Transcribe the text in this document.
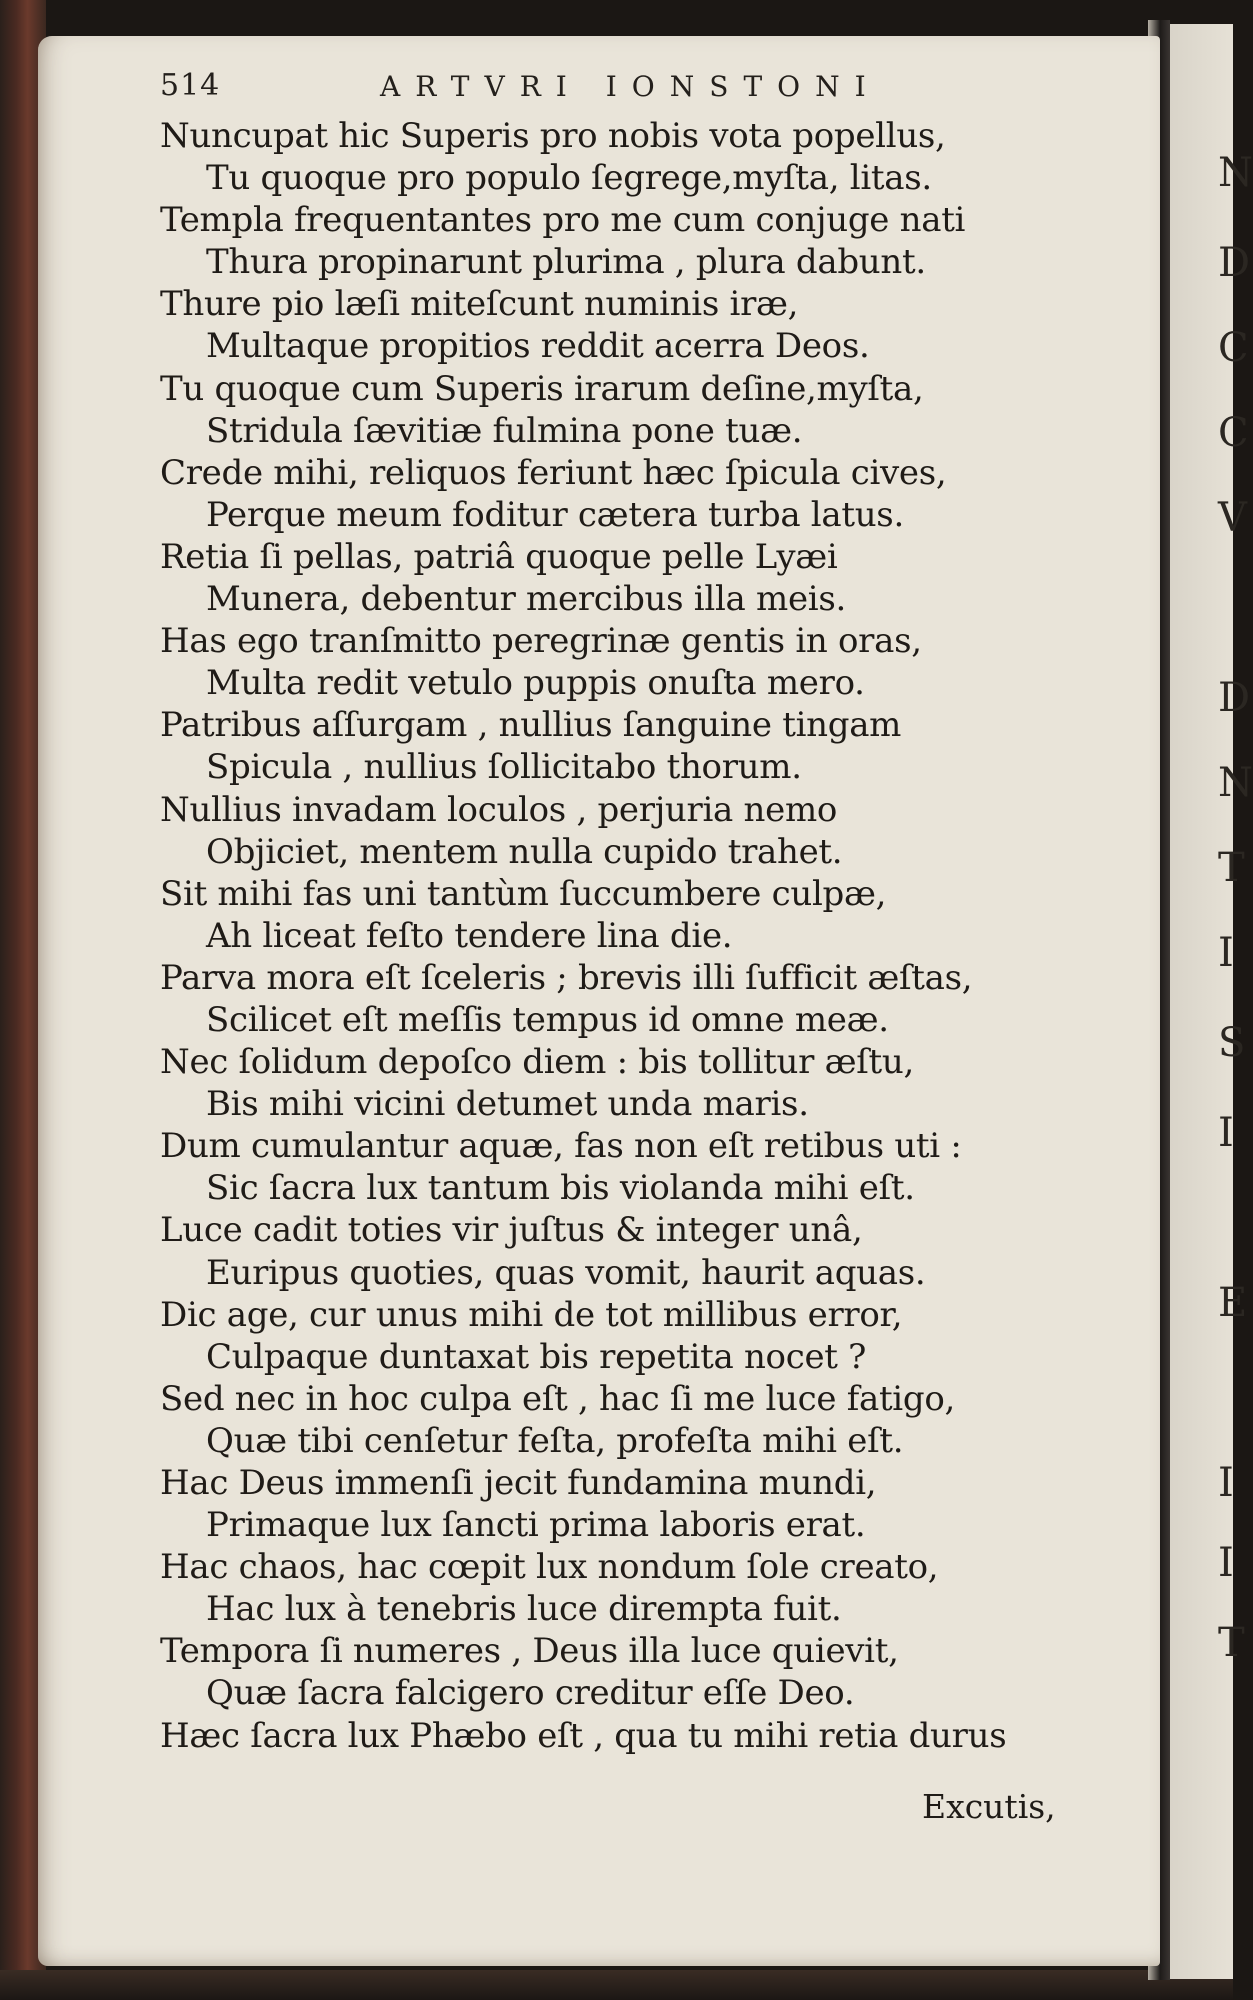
514	ARTVRI IONSTONI
Nuncupat hic Superis pro nobis vota popellus,
Tu quoque pro populo ſegrege,myſta, litas.
Templa frequentantes pro me cum conjuge nati
Thura propinarunt plurima , plura dabunt.
Thure pio læſi miteſcunt numinis iræ,
Multaque propitios reddit acerra Deos.
Tu quoque cum Superis irarum deſine,myſta,
Stridula ſævitiæ fulmina pone tuæ.
Crede mihi, reliquos feriunt hæc ſpicula cives,
Perque meum foditur cætera turba latus.
Retia ſi pellas, patriâ quoque pelle Lyæi
Munera, debentur mercibus illa meis.
Has ego tranſmitto peregrinæ gentis in oras,
Multa redit vetulo puppis onuſta mero.
Patribus aſſurgam , nullius ſanguine tingam
Spicula , nullius ſollicitabo thorum.
Nullius invadam loculos , perjuria nemo
Objiciet, mentem nulla cupido trahet.
Sit mihi fas uni tantùm ſuccumbere culpæ,
Ah liceat feſto tendere lina die.
Parva mora eſt ſceleris ; brevis illi ſufficit æſtas,
Scilicet eſt meſſis tempus id omne meæ.
Nec ſolidum depoſco diem : bis tollitur æſtu,
Bis mihi vicini detumet unda maris.
Dum cumulantur aquæ, fas non eſt retibus uti :
Sic ſacra lux tantum bis violanda mihi eſt.
Luce cadit toties vir juſtus & integer unâ,
Euripus quoties, quas vomit, haurit aquas.
Dic age, cur unus mihi de tot millibus error,
Culpaque duntaxat bis repetita nocet ?
Sed nec in hoc culpa eſt , hac ſi me luce fatigo,
Quæ tibi cenſetur feſta, profeſta mihi eſt.
Hac Deus immenſi jecit fundamina mundi,
Primaque lux ſancti prima laboris erat.
Hac chaos, hac cœpit lux nondum ſole creato,
Hac lux à tenebris luce dirempta fuit.
Tempora ſi numeres , Deus illa luce quievit,
Quæ ſacra falcigero creditur eſſe Deo.
Hæc ſacra lux Phæbo eſt , qua tu mihi retia durus
Excutis,
N
D
C
C
V
D
N
T
I
S
I
E
I
I
T
